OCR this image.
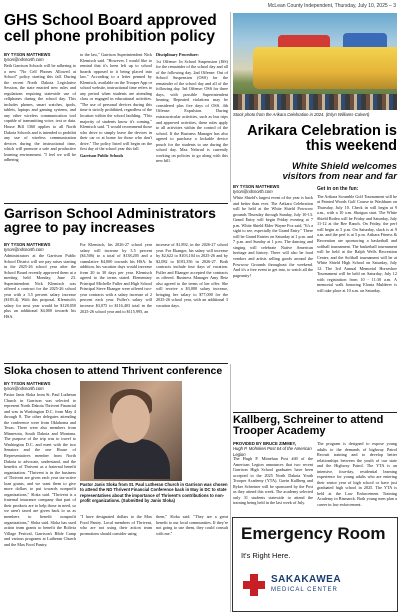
McLean County Independent, Thursday, July 10, 2025 – 3
GHS School Board approved cell phone prohibition policy
BY TYSON MATTHEWS
tyson@ndsnorth.com

Beth Garrison Schools will be adhering to a new "No Cell Phones Allowed at School" policy starting this fall. During the recent North Dakota Legislative Session, the state enacted new rules and regulations requiring statewide use of cellphones during the school day. This includes phones, smart watches, ipods, tablets, laptops and gaming systems, and any other wireless communication tool capable of transmitting voice, text or data. House Bill 1360 applies to all North Dakota Schools and is intended to prohibit any use of wireless communication devices during the instructional time, which will promote a safe and productive learning environment. "I feel we will be adhering

to the law," Garrison Superintendent Nick Klemisch said. "However, I would like to remind that it's been left up to school boards opposed to it being placed into law." According to a letter penned by Klemisch, available on the Trooper App or school website, instructional time refers to any period when students are attending class or engaged in educational activities. "The use of personal devices during this time is strictly prohibited, regardless of the location within the school building. "This majority of students know it's coming," Klemisch said. "I would recommend those who drive to simply leave the devices in their car or at home for those who don't drive." The policy listed will begin on the first day of the school year this fall.

Garrison Public Schools

Disciplinary Procedure:

1st Offense: In School Suspension (ISS) for the remainder of the school day and all of the following day. 2nd Offense: Out of School Suspension (OSS) for the remainder of the school day and all of the following day. 3rd Offense: OSS for three days, with possible Superintendent hearing. Repeated violations may be considered plus five days of OSS. 4th Offense: Expulsion. During extracurricular activities, such as bus trips and approved activities, these rules apply to all activities within the control of the school. If the Business Manager has also agreed to purchase a lockable device pouch for the students to use during the school day. Max Nelsrud is currently working on policies to go along with this new bill.

Stock photo from the Arikara Celebration in 2024. (Erlyn Williams-Calvert)
Arikara Celebration is this weekend
White Shield welcomes visitors from near and far
BY TYSON MATTHEWS
tyson@ndsnorth.com

White Shield's largest event of the year is back and better than ever. The Arikara Celebration will be held at the White Shield Powwow grounds Thursday through Sunday, July 10-13. Grand Entry will begin Friday evening at 7 p.m. White Shield Elder Wayne Fox said, "It's a sight to see, especially the Grand Entry." There will be Grand Entries on Saturday at 1 p.m. and 7 p.m. and Sunday at 1 p.m. The dancing and singing will celebrate Native American heritage and history. There will also be food vendors and artists selling goods around the Powwow Grounds throughout the weekend. And it's a free event to get into, to watch all the pageantry!

Get in on the fun:

The Arikara Scramble Golf Tournament will be at Painted Woods Golf Course in Washburn on Thursday, July 10. Check in will begin at 9 a.m., with a 10 a.m. Shotgun start. The White Shield Rodeo will be Friday and Saturday, July 11-12 at the Ree Ranch. On Friday, the perf will begin at 5 p.m. On Saturday, slack is at 9 a.m. and the perf is at 5 p.m. Arikara Fitness & Recreation are sponsoring a basketball and softball tournament. The basketball tournament will be held at the Ralph Wells Recreation Center, and the Softball tournament will be at White Shield High School on Saturday, July 12. The 3rd Annual Memorial Horseshoe Tournament will be held on Saturday, July 12 with registration from 10 - 11:30 a.m. A memorial walk honoring Elonia Mulderer is will take place at 10 a.m. on Saturday.

Garrison School Administrators agree to pay increases
BY TYSON MATTHEWS
tyson@ndsnorth.com

Administrators at the Garrison Public School District will see pay raises starting in the 2025-26 school year after the School Board recently approved them at a meeting held Monday, June 23. Superintendent Nick Klemisch was offered a contract for the 2025-26 school year with a 3.5 percent salary increase ($183.4). With this proposal, Klemisch's salary for next year would be $128,050 plus an additional $4,000 towards his HSA.

For Klemisch, his 2026-27 school year salary will increase by 3.5 percent ($4,506) to a total of $138,205 and a cumulative $4,000 towards his HSA. In addition, his vacation days would increase from 20 to 30 days per year. Klemisch agreed to the terms stated. Elementary Principal Michelle Fuller and High School Principal Steve Ekanger were offered two-year contracts with a salary increase of 2 percent each year. Fuller's salary will increase $3,075 to $116,403 total in the 2025-26 school year and to $115,995, an

increase of $1,892, in the 2026-27 school year. For Ekanger, his salary will increase by $2,622 to $103,104 in 2025-26 and by $2,082 to $103,356 in 2026-27. Both contracts include four days of vacation. Fuller and Ekanger accepted the contracts as offered. Business Manager Amy Betz also agreed to the terms of her offer. She will receive a $3,000 salary increase, bringing her salary to $77,000 for the 2025-26 school year, with an additional 3 vacation days.

Sloka chosen to attend Thrivent conference
BY TYSON MATTHEWS
tyson@ndsnorth.com

Pastor Janis Sloka from St. Paul Lutheran Church in Garrison was selected to represent North Dakota Thrivent Financial and was in Washington D.C. from May 4 through 8. The other delegates attending the conference were from Oklahoma and Texas. There were also members from Minnesota, South Dakota and Montana. The purpose of the trip was to travel to Washington D.C. and meet with the two Senators and the one House of Representatives member from North Dakota to advocate, understand, and the benefits of Thrivent as a fraternal benefit organization. "Thrivent is in the business of Thrivent are given each year tax-active loan grants, and we want them to give more dollars to put towards nonprofit organizations," Sloka said. "Thrivent is a fraternal insurance company that part of their products are to help those in need, so we aren't taxed are given back to us as members to benefit nonprofit organizations," Sloka said. Sloka has used action team grants to benefit the Bolivia Village Festival, Garrison's Bible Camp and various programs at Lutheran Church and the Max Food Pantry.

Pastor Janis Sloka from St. Paul Lutheran Church in Garrison was chosen to attend the ND Thrivent Financial Conference back in May in DC to state representatives about the importance of Thrivent's contributions to non-profit organizations. (Submitted by Janis Sloka)

"I have designated dollars to the Max Food Pantry. Local members of Thrivent, who are not using their action team promotions should consider using

them," Sloka said. "They are a great benefit to our local communities. If they're not going to use them, they could consult with me."

Kallberg, Schreiner to attend Trooper Academy
PROVIDED BY BRUCE ZIMMEY,
Hugh P. Mohnken Post 64 of the American Legion

The Hugh P. Mitnehan Post #40 of the American Legion announces that two recent Garrison High School graduates have been accepted to the 2025 North Dakota Youth Trooper Academy (YTA). Gavin Kallberg and Ryker Schreiner will be sponsored by the Post as they attend this week. The academy selected only 31 students statewide to attend the training being held in the last week of July.

The program is designed to expose young adults to the demands of highway Patrol Recruit training and to develop better relationships between the youth of our state and the Highway Patrol. The YTA is an intensive, four-day, residential learning experience for young adults who are entering their senior year of high school or have just graduated high school in 2025. The YTA is held at the Law Enforcement Training Academy in Bismarck. Both young men plan a career in law enforcement.

Emergency Room
It's Right Here.
SAKAKAWEA
MEDICAL CENTER
